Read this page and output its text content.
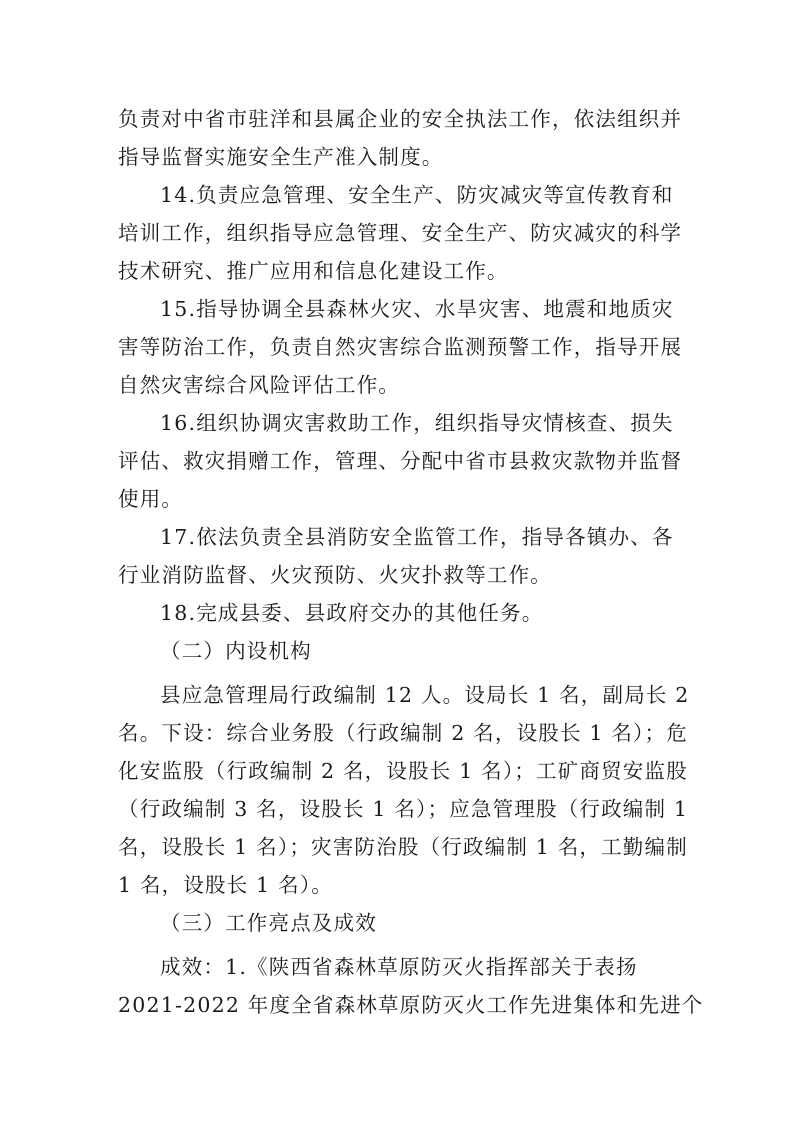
负责对中省市驻洋和县属企业的安全执法工作，依法组织并
指导监督实施安全生产准入制度。
14.负责应急管理、安全生产、防灾减灾等宣传教育和
培训工作，组织指导应急管理、安全生产、防灾减灾的科学
技术研究、推广应用和信息化建设工作。
15.指导协调全县森林火灾、水旱灾害、地震和地质灾
害等防治工作，负责自然灾害综合监测预警工作，指导开展
自然灾害综合风险评估工作。
16.组织协调灾害救助工作，组织指导灾情核查、损失
评估、救灾捐赠工作，管理、分配中省市县救灾款物并监督
使用。
17.依法负责全县消防安全监管工作，指导各镇办、各
行业消防监督、火灾预防、火灾扑救等工作。
18.完成县委、县政府交办的其他任务。
（二）内设机构
县应急管理局行政编制 12 人。设局长 1 名，副局长 2
名。下设：综合业务股（行政编制 2 名，设股长 1 名）；危
化安监股（行政编制 2 名，设股长 1 名）；工矿商贸安监股
（行政编制 3 名，设股长 1 名）；应急管理股（行政编制 1
名，设股长 1 名）；灾害防治股（行政编制 1 名，工勤编制
1 名，设股长 1 名）。
（三）工作亮点及成效
成效：1.《陕西省森林草原防灭火指挥部关于表扬
2021-2022 年度全省森林草原防灭火工作先进集体和先进个
